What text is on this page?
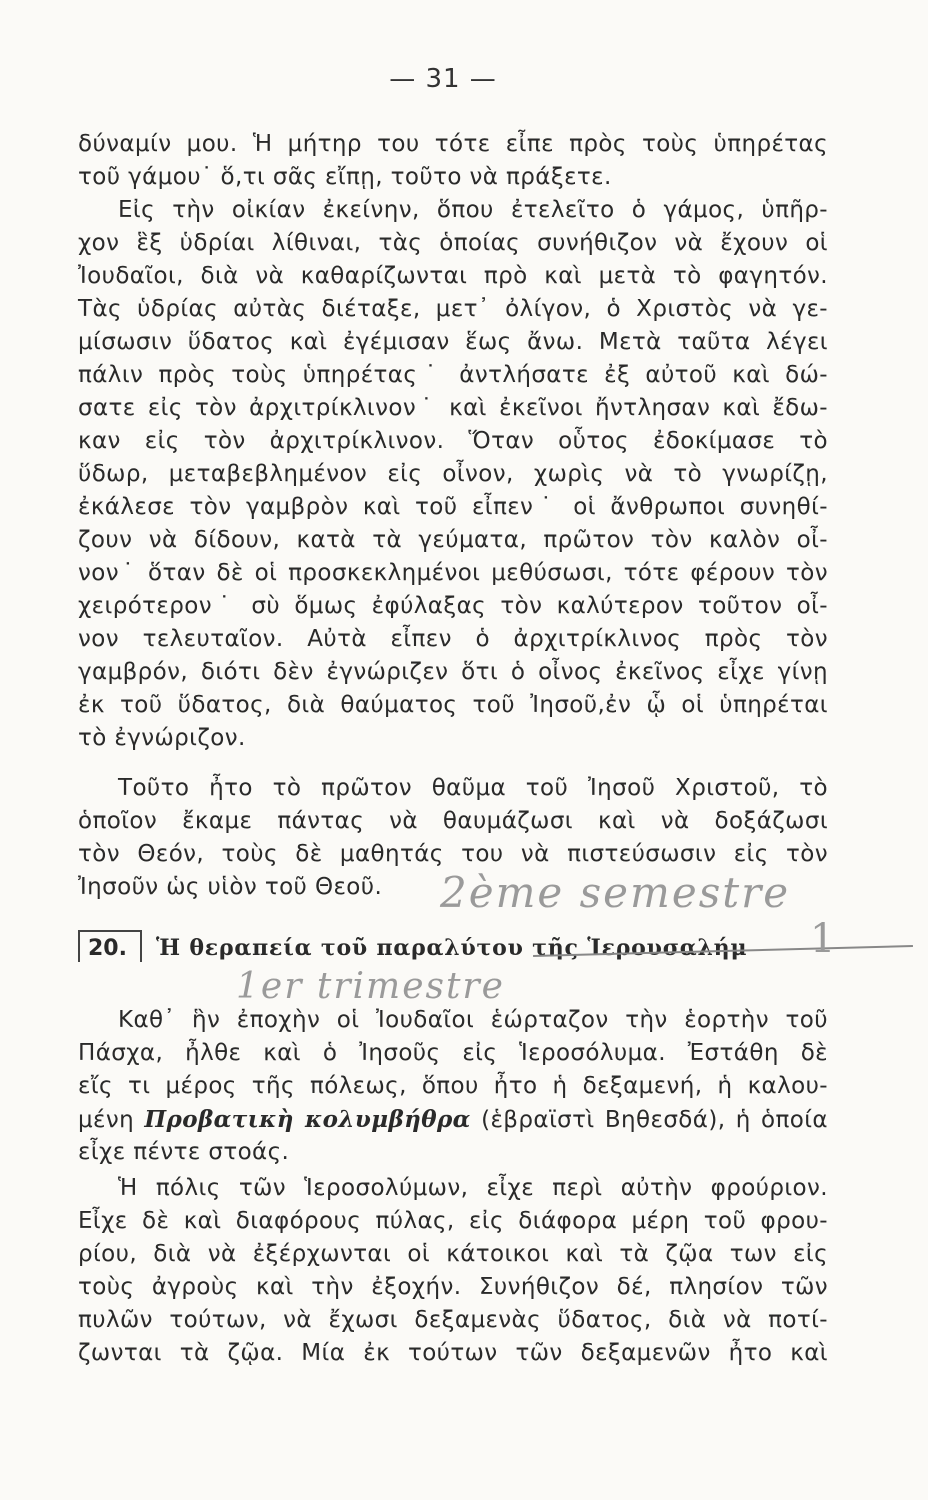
— 31 —
δύναμίν μου. Ἡ μήτηρ του τότε εἶπε πρὸς τοὺς ὑπηρέτας
τοῦ γάμου˙ ὅ,τι σᾶς εἴπῃ, τοῦτο νὰ πράξετε.
Εἰς τὴν οἰκίαν ἐκείνην, ὅπου ἐτελεῖτο ὁ γάμος, ὑπῆρ-
χον ἓξ ὑδρίαι λίθιναι, τὰς ὁποίας συνήθιζον νὰ ἔχουν οἱ
Ἰουδαῖοι, διὰ νὰ καθαρίζωνται πρὸ καὶ μετὰ τὸ φαγητόν.
Τὰς ὑδρίας αὐτὰς διέταξε, μετ᾿ ὀλίγον, ὁ Χριστὸς νὰ γε-
μίσωσιν ὕδατος καὶ ἐγέμισαν ἕως ἄνω. Μετὰ ταῦτα λέγει
πάλιν πρὸς τοὺς ὑπηρέτας˙ ἀντλήσατε ἐξ αὐτοῦ καὶ δώ-
σατε εἰς τὸν ἀρχιτρίκλινον˙ καὶ ἐκεῖνοι ἤντλησαν καὶ ἔδω-
καν εἰς τὸν ἀρχιτρίκλινον. Ὅταν οὗτος ἐδοκίμασε τὸ
ὕδωρ, μεταβεβλημένον εἰς οἶνον, χωρὶς νὰ τὸ γνωρίζῃ,
ἐκάλεσε τὸν γαμβρὸν καὶ τοῦ εἶπεν˙ οἱ ἄνθρωποι συνηθί-
ζουν νὰ δίδουν, κατὰ τὰ γεύματα, πρῶτον τὸν καλὸν οἶ-
νον˙ ὅταν δὲ οἱ προσκεκλημένοι μεθύσωσι, τότε φέρουν τὸν
χειρότερον˙ σὺ ὅμως ἐφύλαξας τὸν καλύτερον τοῦτον οἶ-
νον τελευταῖον. Αὐτὰ εἶπεν ὁ ἀρχιτρίκλινος πρὸς τὸν
γαμβρόν, διότι δὲν ἐγνώριζεν ὅτι ὁ οἶνος ἐκεῖνος εἶχε γίνῃ
ἐκ τοῦ ὕδατος, διὰ θαύματος τοῦ Ἰησοῦ,ἐν ᾧ οἱ ὑπηρέται
τὸ ἐγνώριζον.
Τοῦτο ἦτο τὸ πρῶτον θαῦμα τοῦ Ἰησοῦ Χριστοῦ, τὸ
ὁποῖον ἔκαμε πάντας νὰ θαυμάζωσι καὶ νὰ δοξάζωσι
τὸν Θεόν, τοὺς δὲ μαθητάς του νὰ πιστεύσωσιν εἰς τὸν
Ἰησοῦν ὡς υἱὸν τοῦ Θεοῦ.	2ème semestre
1er trimestre
20.	Ἡ θεραπεία τοῦ παραλύτου τῆς Ἱερουσαλήμ 1
Καθ᾿ ἣν ἐποχὴν οἱ Ἰουδαῖοι ἑώρταζον τὴν ἑορτὴν τοῦ
Πάσχα, ἦλθε καὶ ὁ Ἰησοῦς εἰς Ἱεροσόλυμα. Ἐστάθη δὲ
εἴς τι μέρος τῆς πόλεως, ὅπου ἦτο ἡ δεξαμενή, ἡ καλου-
μένη Προβατικὴ κολυμβήθρα (ἑβραϊστὶ Βηθεσδά), ἡ ὁποία
εἶχε πέντε στοάς.
Ἡ πόλις τῶν Ἱεροσολύμων, εἶχε περὶ αὐτὴν φρούριον.
Εἶχε δὲ καὶ διαφόρους πύλας, εἰς διάφορα μέρη τοῦ φρου-
ρίου, διὰ νὰ ἐξέρχωνται οἱ κάτοικοι καὶ τὰ ζῷα των εἰς
τοὺς ἀγροὺς καὶ τὴν ἐξοχήν. Συνήθιζον δέ, πλησίον τῶν
πυλῶν τούτων, νὰ ἔχωσι δεξαμενὰς ὕδατος, διὰ νὰ ποτί-
ζωνται τὰ ζῷα. Μία ἐκ τούτων τῶν δεξαμενῶν ἦτο καὶ
